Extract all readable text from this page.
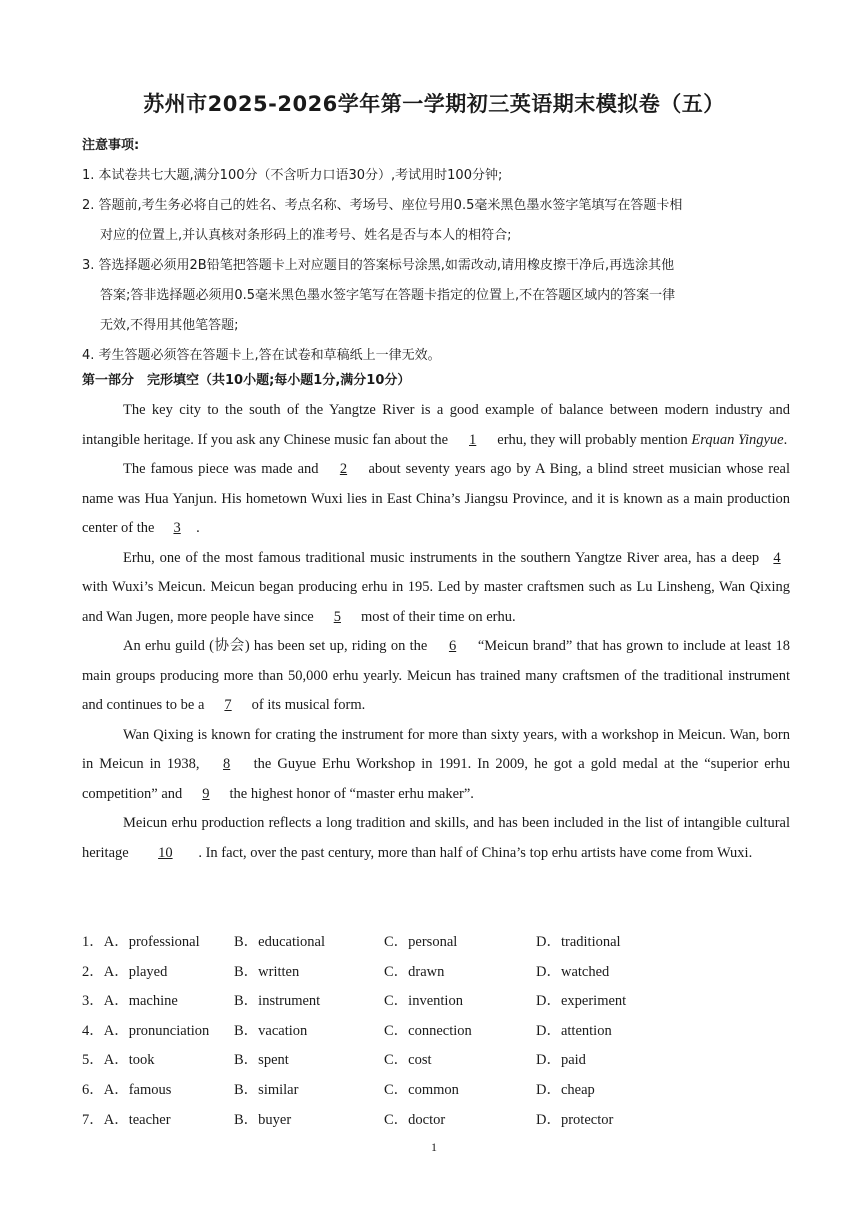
苏州市2025-2026学年第一学期初三英语期末模拟卷（五）
注意事项:
1. 本试卷共七大题,满分100分（不含听力口语30分）,考试用时100分钟;
2. 答题前,考生务必将自己的姓名、考点名称、考场号、座位号用0.5毫米黑色墨水签字笔填写在答题卡相
对应的位置上,并认真核对条形码上的准考号、姓名是否与本人的相符合;
3. 答选择题必须用2B铅笔把答题卡上对应题目的答案标号涂黑,如需改动,请用橡皮擦干净后,再选涂其他
答案;答非选择题必须用0.5毫米黑色墨水签字笔写在答题卡指定的位置上,不在答题区域内的答案一律
无效,不得用其他笔答题;
4. 考生答题必须答在答题卡上,答在试卷和草稿纸上一律无效。
第一部分　完形填空（共10小题;每小题1分,满分10分）

The key city to the south of the Yangtze River is a good example of balance between modern industry and intangible heritage. If you ask any Chinese music fan about the 1 erhu, they will probably mention Erquan Yingyue.

The famous piece was made and 2 about seventy years ago by A Bing, a blind street musician whose real name was Hua Yanjun. His hometown Wuxi lies in East China’s Jiangsu Province, and it is known as a main production center of the 3 .

Erhu, one of the most famous traditional music instruments in the southern Yangtze River area, has a deep 4 with Wuxi’s Meicun. Meicun began producing erhu in 195. Led by master craftsmen such as Lu Linsheng, Wan Qixing and Wan Jugen, more people have since 5 most of their time on erhu.

An erhu guild (协会) has been set up, riding on the 6 “Meicun brand” that has grown to include at least 18 main groups producing more than 50,000 erhu yearly. Meicun has trained many craftsmen of the traditional instrument and continues to be a 7 of its musical form.

Wan Qixing is known for crating the instrument for more than sixty years, with a workshop in Meicun. Wan, born in Meicun in 1938, 8 the Guyue Erhu Workshop in 1991. In 2009, he got a gold medal at the “superior erhu competition” and 9 the highest honor of “master erhu maker”.

Meicun erhu production reflects a long tradition and skills, and has been included in the list of intangible cultural heritage 10 . In fact, over the past century, more than half of China’s top erhu artists have come from Wuxi.

1．A．professional B．educational	C．personal	D．traditional
2．A．played	B．written	C．drawn	D．watched
3．A．machine	B．instrument	C．invention	D．experiment
4．A．pronunciation B．vacation	C．connection	D．attention
5．A．took	B．spent	C．cost	D．paid
6．A．famous	B．similar	C．common	D．cheap
7．A．teacher	B．buyer	C．doctor	D．protector
1
